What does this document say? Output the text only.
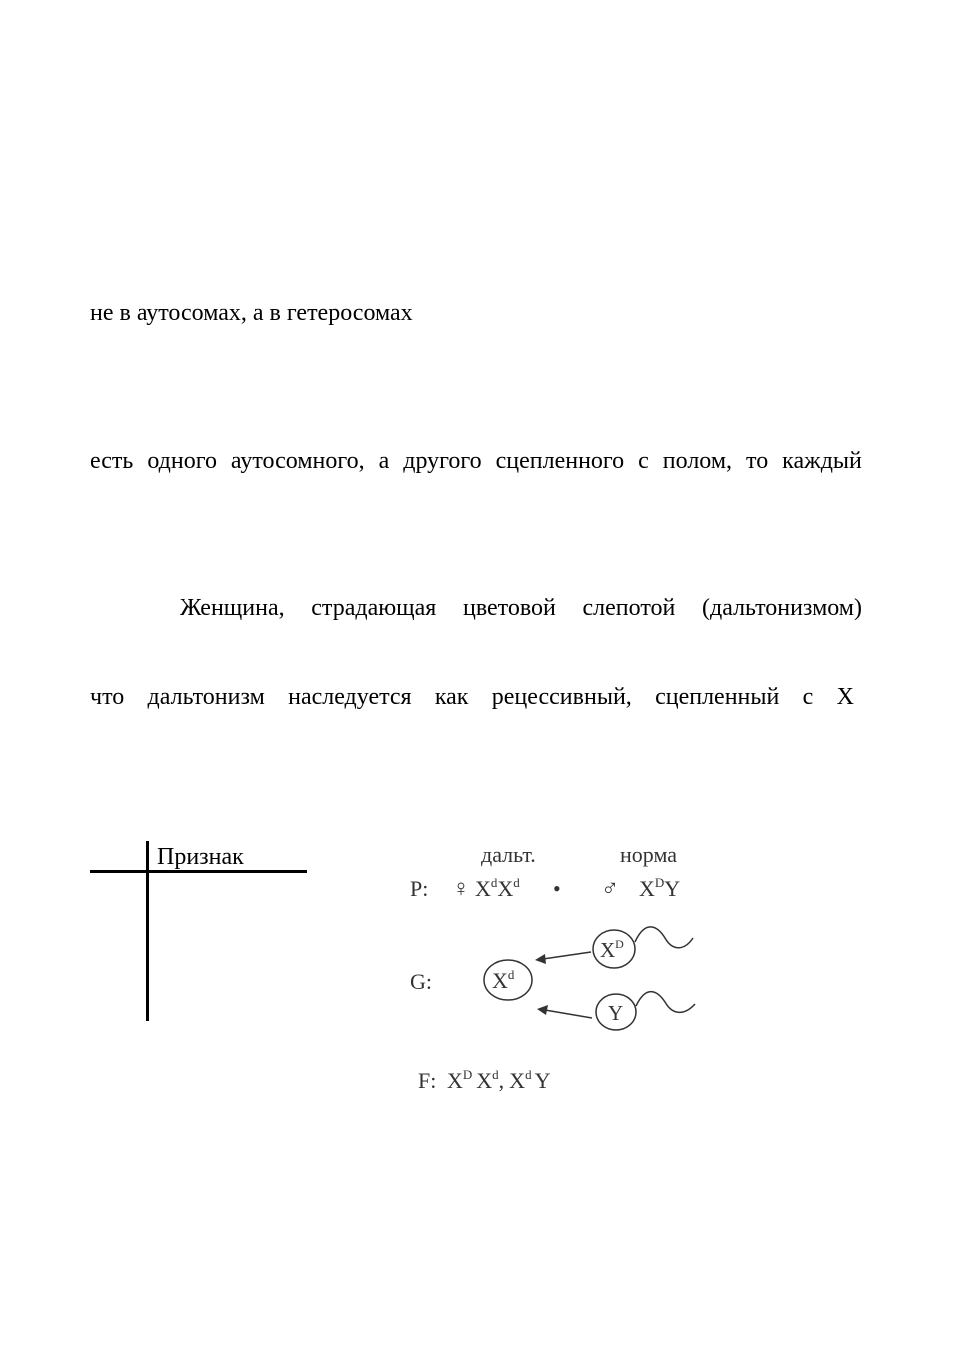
не в аутосомах, а в гетеросомах
есть одного аутосомного, а другого сцепленного с полом, то каждый
Женщина, страдающая цветовой слепотой (дальтонизмом)
что дальтонизм наследуется как рецессивный, сцепленный с X
Признак	дальт.	норма
P: ♀ $X^dX^d$ • ♂ $X^DY$
G:	$X^d$
$X^D$
Y
F: $X^D$ $X^d$, $X^d$ Y
